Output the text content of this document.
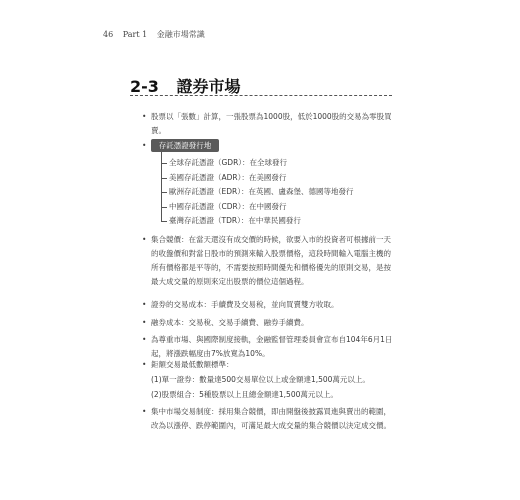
46 Part 1 金融市場常識
2-3 證券市場
• 股票以「張數」計算，一張股票為1000股，低於1000股的交易為零股買賣。
•	存託憑證發行地
全球存託憑證（GDR）：在全球發行
美國存託憑證（ADR）：在美國發行
歐洲存託憑證（EDR）：在英國、盧森堡、德國等地發行
中國存託憑證（CDR）：在中國發行
臺灣存託憑證（TDR）：在中華民國發行
• 集合競價：在當天還沒有成交價的時候，欲要入市的投資者可根據前一天的收盤價和對當日股市的預測來輸入股票價格，這段時間輸入電腦主機的所有價格都是平等的，不需要按照時間優先和價格優先的原則交易，是按最大成交量的原則來定出股票的價位這個過程。
• 證券的交易成本：手續費及交易稅，並向買賣雙方收取。
• 融券成本：交易稅、交易手續費、融券手續費。
• 為尊重市場、與國際制度接軌，金融監督管理委員會宣布自104年6月1日起，將漲跌幅度由7%放寬為10%。
• 鉅額交易最低數額標準：
(1)單一證券：數量達500交易單位以上或金額達1,500萬元以上。
(2)股票組合：5種股票以上且總金額達1,500萬元以上。
• 集中市場交易制度：採用集合競價，即由開盤後披露買進與賣出的範圍，改為以漲停、跌停範圍內，可滿足最大成交量的集合競價以決定成交價。
